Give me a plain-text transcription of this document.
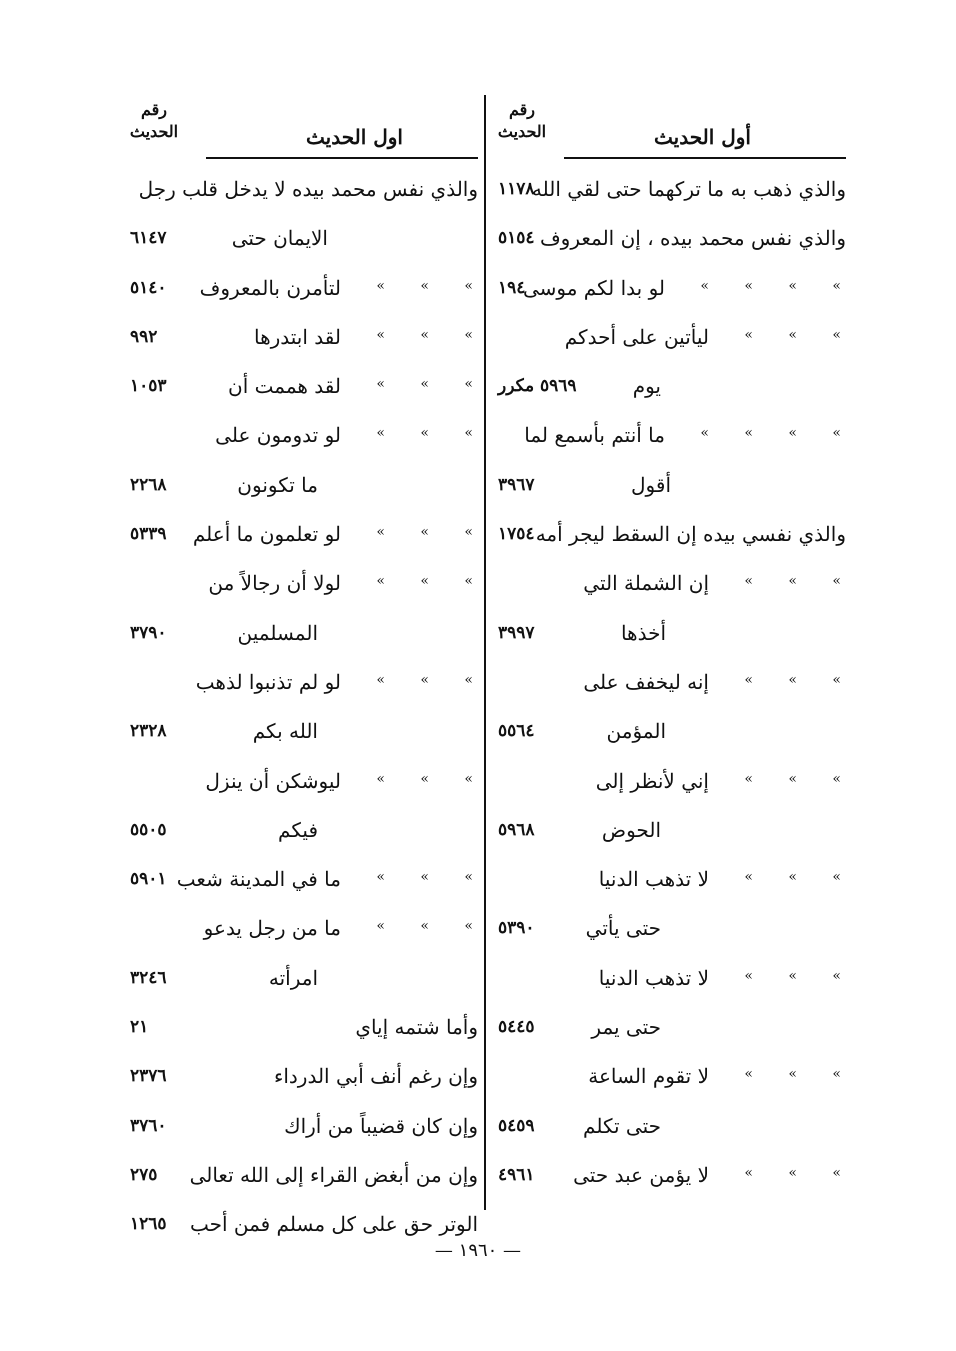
أول الحديث
رقم
الحديث
والذي ذهب به ما تركهما حتى لقي الله
١١٧٨
والذي نفس محمد بيده ، إن المعروف
٥١٥٤
»
»
»
»
لو بدا لكم موسى
١٩٤
»
»
»
ليأتين على أحدكم
يوم
٥٩٦٩ مكرر
»
»
»
»
ما أنتم بأسمع لما
أقول
٣٩٦٧
والذي نفسي بيده إن السقط ليجر أمه
١٧٥٤
»
»
»
إن الشملة التي
أخذها
٣٩٩٧
»
»
»
إنه ليخفف على
المؤمن
٥٥٦٤
»
»
»
إني لأنظر إلى
الحوض
٥٩٦٨
»
»
»
لا تذهب الدنيا
حتى يأتي
٥٣٩٠
»
»
»
لا تذهب الدنيا
حتى يمر
٥٤٤٥
»
»
»
لا تقوم الساعة
حتى تكلم
٥٤٥٩
»
»
»
لا يؤمن عبد حتى
٤٩٦١
اول الحديث
رقم
الحديث
والذي نفس محمد بيده لا يدخل قلب رجل
الايمان حتى
٦١٤٧
»
»
»
لتأمرن بالمعروف
٥١٤٠
»
»
»
لقد ابتدرها
٩٩٢
»
»
»
لقد هممت أن
١٠٥٣
»
»
»
لو تدومون على
ما تكونون
٢٢٦٨
»
»
»
لو تعلمون ما أعلم
٥٣٣٩
»
»
»
لولا أن رجالاً من
المسلمين
٣٧٩٠
»
»
»
لو لم تذنبوا لذهب
الله بكم
٢٣٢٨
»
»
»
ليوشكن أن ينزل
فيكم
٥٥٠٥
»
»
»
ما في المدينة شعب
٥٩٠١
»
»
»
ما من رجل يدعو
امرأته
٣٢٤٦
وأما شتمه إياي
٢١
وإن رغم أنف أبي الدرداء
٢٣٧٦
وإن كان قضيباً من أراك
٣٧٦٠
وإن من أبغض القراء إلى الله تعالى
٢٧٥
الوتر حق على كل مسلم فمن أحب
١٢٦٥
— ١٩٦٠ —
